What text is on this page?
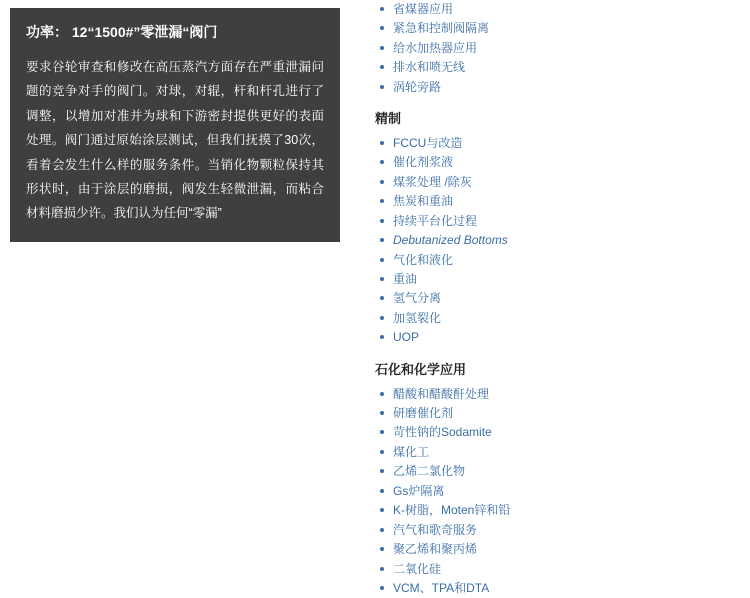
功率： 12“1500#”零泄漏“阀门

要求谷轮审查和修改在高压蒸汽方面存在严重泄漏问题的竞争对手的阀门。对球，对辊，杆和杆孔进行了调整，以增加对准并为球和下游密封提供更好的表面处理。阀门通过原始涂层测试，但我们抚摸了30次，看着会发生什么样的服务条件。当销化物颗粒保持其形状时，由于涂层的磨损，阀发生轻微泄漏，而粘合材料磨损少许。我们认为任何“零漏”

省煤器应用
紧急和控制阀隔离
给水加热器应用
排水和喷无线
涡轮旁路
精制
FCCU与改造
催化剂浆液
煤浆处理 /除灰
焦炭和重油
持续平台化过程
Debutanized Bottoms
气化和液化
重油
氢气分离
加氢裂化
UOP
石化和化学应用
醋酸和醋酸酐处理
研磨催化剂
苛性钠的Sodamite
煤化工
乙烯二氯化物
Gs炉隔离
K-树脂，Moten锌和铅
汽气和歌奇服务
聚乙烯和聚丙烯
二氧化硅
VCM、TPA和DTA
